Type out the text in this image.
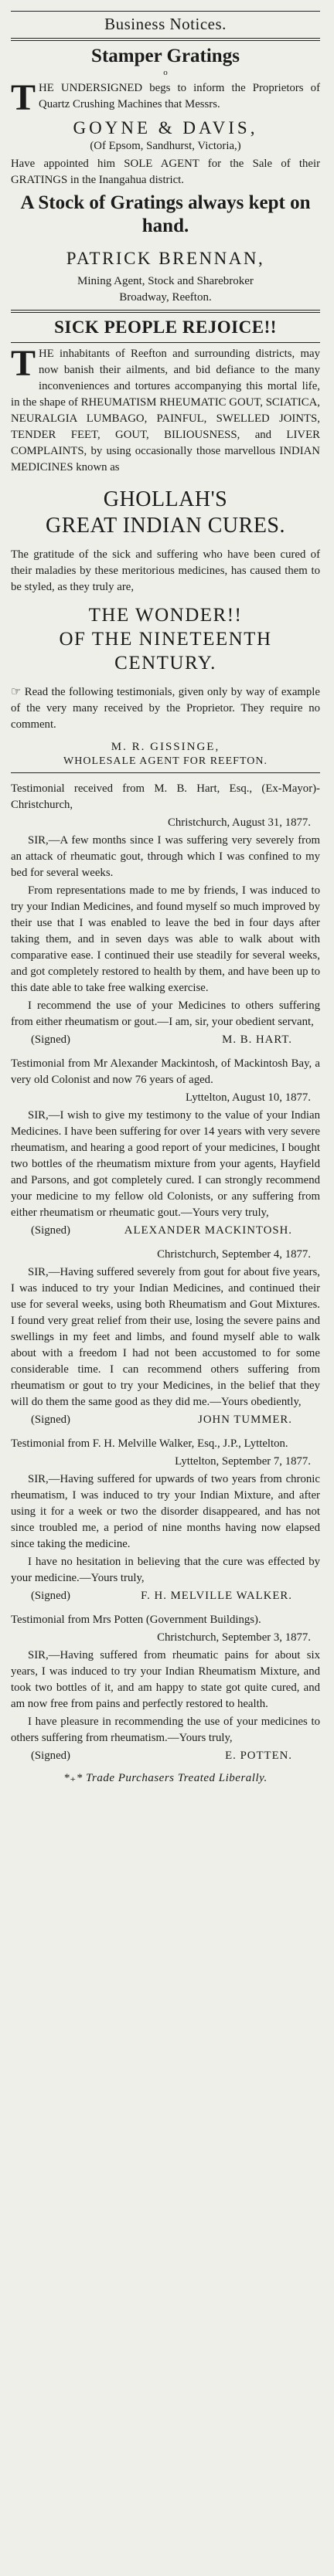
Business Notices.
Stamper Gratings
o

THE UNDERSIGNED begs to inform the Proprietors of Quartz Crushing Machines that Messrs.

GOYNE & DAVIS,

(Of Epsom, Sandhurst, Victoria,)

Have appointed him SOLE AGENT for the Sale of their GRATINGS in the Inangahua district.

A Stock of Gratings always kept on hand.
PATRICK BRENNAN,

Mining Agent, Stock and Sharebroker

Broadway, Reefton.

SICK PEOPLE REJOICE!!

THE inhabitants of Reefton and surrounding districts, may now banish their ailments, and bid defiance to the many inconveniences and tortures accompanying this mortal life, in the shape of RHEUMATISM RHEUMATIC GOUT, SCIATICA, NEURALGIA LUMBAGO, PAINFUL, SWELLED JOINTS, TENDER FEET, GOUT, BILIOUSNESS, and LIVER COMPLAINTS, by using occasionally those marvellous INDIAN MEDICINES known as

GHOLLAH'S
GREAT INDIAN CURES.

The gratitude of the sick and suffering who have been cured of their maladies by these meritorious medicines, has caused them to be styled, as they truly are,

THE WONDER!!
OF THE NINETEENTH
CENTURY.

☞ Read the following testimonials, given only by way of example of the very many received by the Proprietor. They require no comment.

M. R. GISSINGE,
WHOLESALE AGENT FOR REEFTON.

Testimonial received from M. B. Hart, Esq., (Ex-Mayor)-Christchurch,

Christchurch, August 31, 1877.

SIR,—A few months since I was suffering very severely from an attack of rheumatic gout, through which I was confined to my bed for several weeks.

From representations made to me by friends, I was induced to try your Indian Medicines, and found myself so much improved by their use that I was enabled to leave the bed in four days after taking them, and in seven days was able to walk about with comparative ease. I continued their use steadily for several weeks, and got completely restored to health by them, and have been up to this date able to take free walking exercise.

I recommend the use of your Medicines to others suffering from either rheumatism or gout.—I am, sir, your obedient servant,

(Signed)	M. B. HART.

Testimonial from Mr Alexander Mackintosh, of Mackintosh Bay, a very old Colonist and now 76 years of aged.

Lyttelton, August 10, 1877.

SIR,—I wish to give my testimony to the value of your Indian Medicines. I have been suffering for over 14 years with very severe rheumatism, and hearing a good report of your medicines, I bought two bottles of the rheumatism mixture from your agents, Hayfield and Parsons, and got completely cured. I can strongly recommend your medicine to my fellow old Colonists, or any suffering from either rheumatism or rheumatic gout.—Yours very truly,

(Signed)	ALEXANDER MACKINTOSH.

Christchurch, September 4, 1877.

SIR,—Having suffered severely from gout for about five years, I was induced to try your Indian Medicines, and continued their use for several weeks, using both Rheumatism and Gout Mixtures. I found very great relief from their use, losing the severe pains and swellings in my feet and limbs, and found myself able to walk about with a freedom I had not been accustomed to for some considerable time. I can recommend others suffering from rheumatism or gout to try your Medicines, in the belief that they will do them the same good as they did me.—Yours obediently,

(Signed)	JOHN TUMMER.

Testimonial from F. H. Melville Walker, Esq., J.P., Lyttelton.

Lyttelton, September 7, 1877.

SIR,—Having suffered for upwards of two years from chronic rheumatism, I was induced to try your Indian Mixture, and after using it for a week or two the disorder disappeared, and has not since troubled me, a period of nine months having now elapsed since taking the medicine.

I have no hesitation in believing that the cure was effected by your medicine.—Yours truly,

(Signed)	F. H. MELVILLE WALKER.

Testimonial from Mrs Potten (Government Buildings).

Christchurch, September 3, 1877.

SIR,—Having suffered from rheumatic pains for about six years, I was induced to try your Indian Rheumatism Mixture, and took two bottles of it, and am happy to state got quite cured, and am now free from pains and perfectly restored to health.

I have pleasure in recommending the use of your medicines to others suffering from rheumatism.—Yours truly,

(Signed)	E. POTTEN.
*₊* Trade Purchasers Treated Liberally.
